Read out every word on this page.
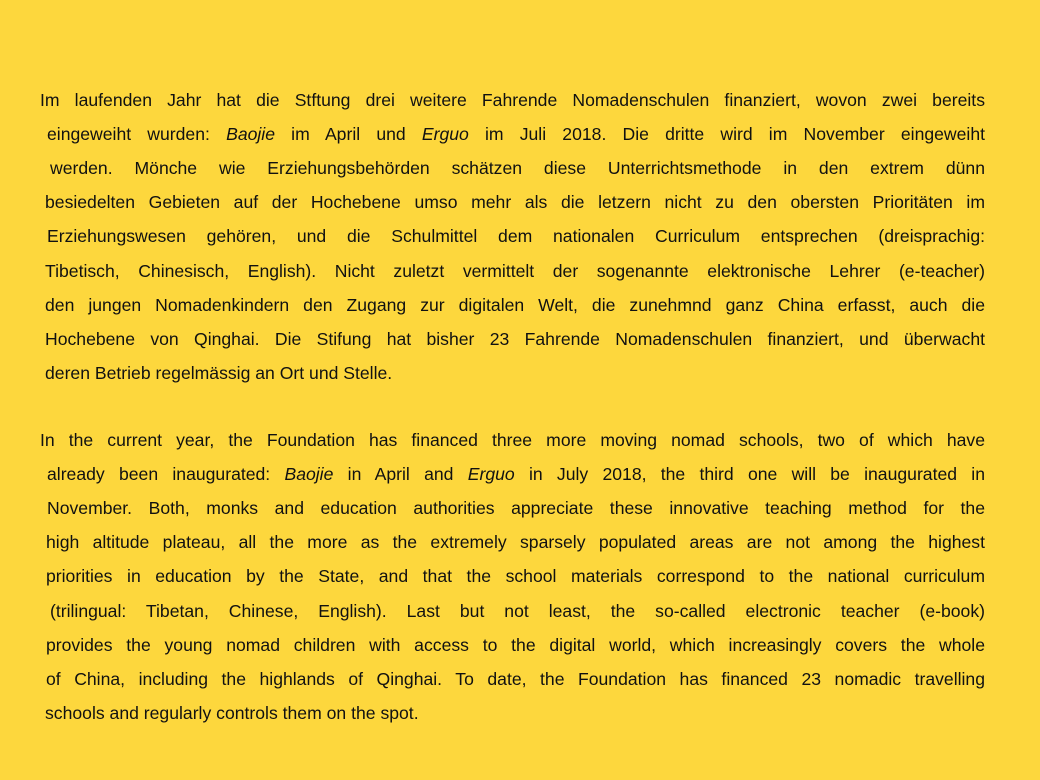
Im laufenden Jahr hat die Stftung drei weitere Fahrende Nomadenschulen finanziert, wovon zwei bereits
eingeweiht wurden: Baojie im April und Erguo im Juli 2018. Die dritte wird im November eingeweiht
werden. Mönche wie Erziehungsbehörden schätzen diese Unterrichtsmethode in den extrem dünn
besiedelten Gebieten auf der Hochebene umso mehr als die letzern nicht zu den obersten Prioritäten im
Erziehungswesen gehören, und die Schulmittel dem nationalen Curriculum entsprechen (dreisprachig:
Tibetisch, Chinesisch, English). Nicht zuletzt vermittelt der sogenannte elektronische Lehrer (e-teacher)
den jungen Nomadenkindern den Zugang zur digitalen Welt, die zunehmnd ganz China erfasst, auch die
Hochebene von Qinghai. Die Stifung hat bisher 23 Fahrende Nomadenschulen finanziert, und überwacht
deren Betrieb regelmässig an Ort und Stelle.
In the current year, the Foundation has financed three more moving nomad schools, two of which have
already been inaugurated: Baojie in April and Erguo in July 2018, the third one will be inaugurated in
November. Both, monks and education authorities appreciate these innovative teaching method for the
high altitude plateau, all the more as the extremely sparsely populated areas are not among the highest
priorities in education by the State, and that the school materials correspond to the national curriculum
(trilingual: Tibetan, Chinese, English). Last but not least, the so-called electronic teacher (e-book)
provides the young nomad children with access to the digital world, which increasingly covers the whole
of China, including the highlands of Qinghai. To date, the Foundation has financed 23 nomadic travelling
schools and regularly controls them on the spot.
